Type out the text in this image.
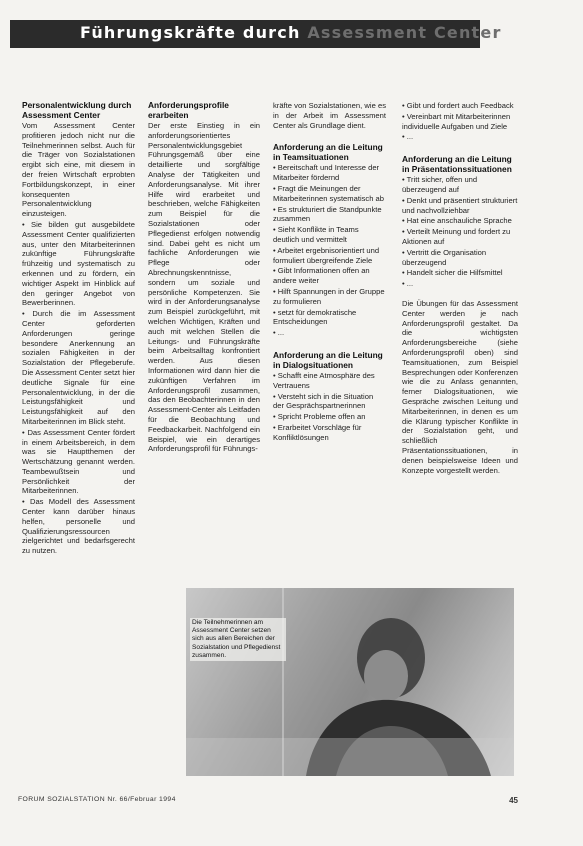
Führungskräfte durch Assessment Center

Personalentwicklung durch Assessment Center

Vom Assessment Center profitieren jedoch nicht nur die Teilnehmerinnen selbst. Auch für die Träger von Sozialstationen ergibt sich eine, mit diesem in der freien Wirtschaft erprobten Fortbildungskonzept, in einer konsequenten Personalentwicklung einzusteigen.

• Sie bilden gut ausgebildete Assessment Center qualifizierten aus, unter den Mitarbeiterinnen zukünftige Führungskräfte frühzeitig und systematisch zu erkennen und zu fördern, ein wichtiger Aspekt im Hinblick auf den geringer Angebot von Bewerberinnen.

• Durch die im Assessment Center geforderten Anforderungen geringe besondere Anerkennung an sozialen Fähigkeiten in der Sozialstation der Pflegeberufe. Die Assessment Center setzt hier deutliche Signale für eine Personalentwicklung, in der die Leistungsfähigkeit und Leistungsfähigkeit auf den Mitarbeiterinnen im Blick steht.

• Das Assessment Center fördert in einem Arbeitsbereich, in dem was sie Hauptthemen der Wertschätzung genannt werden. Teambewußtsein und Persönlichkeit der Mitarbeiterinnen.

• Das Modell des Assessment Center kann darüber hinaus helfen, personelle und Qualifizierungsressourcen zielgerichtet und bedarfsgerecht zu nutzen.

Anforderungsprofile erarbeiten

Der erste Einstieg in ein anforderungsorientiertes Personalentwicklungsgebiet Führungsgemäß über eine detaillierte und sorgfältige Analyse der Tätigkeiten und Anforderungsanalyse. Mit ihrer Hilfe wird erarbeitet und beschrieben, welche Fähigkeiten zum Beispiel für die Sozialstationen oder Pflegedienst erfolgen notwendig sind. Dabei geht es nicht um fachliche Anforderungen wie Pflege oder Abrechnungskenntnisse, sondern um soziale und persönliche Kompetenzen. Sie wird in der Anforderungsanalyse zum Beispiel zurückgeführt, mit welchen Wichtigen, Kräften und auch mit welchen Stellen die Leitungs- und Führungskräfte beim Arbeitsalltag konfrontiert werden. Aus diesen Informationen wird dann hier die zukünftigen Verfahren im Anforderungsprofil zusammen, das den Beobachterinnen in den Assessment-Center als Leitfaden für die Beobachtung und Feedbackarbeit. Nachfolgend ein Beispiel, wie ein derartiges Anforderungsprofil für Führungs-

kräfte von Sozialstationen, wie es in der Arbeit im Assessment Center als Grundlage dient.

Anforderung an die Leitung in Teamsituationen

• Bereitschaft und Interesse der Mitarbeiter fördernd

• Fragt die Meinungen der Mitarbeiterinnen systematisch ab

• Es strukturiert die Standpunkte zusammen

• Sieht Konflikte in Teams deutlich und vermittelt

• Arbeitet ergebnisorientiert und formuliert übergreifende Ziele

• Gibt Informationen offen an andere weiter

• Hilft Spannungen in der Gruppe zu formulieren

• setzt für demokratische Entscheidungen

• ...

Anforderung an die Leitung in Dialogsituationen

• Schafft eine Atmosphäre des Vertrauens

• Versteht sich in die Situation der Gesprächspartnerinnen

• Spricht Probleme offen an

• Erarbeitet Vorschläge für Konfliktlösungen

• Gibt und fordert auch Feedback

• Vereinbart mit Mitarbeiterinnen individuelle Aufgaben und Ziele

• ...

Anforderung an die Leitung in Präsentationssituationen

• Tritt sicher, offen und überzeugend auf

• Denkt und präsentiert strukturiert und nachvollziehbar

• Hat eine anschauliche Sprache

• Verteilt Meinung und fordert zu Aktionen auf

• Vertritt die Organisation überzeugend

• Handelt sicher die Hilfsmittel

• ...

Die Übungen für das Assessment Center werden je nach Anforderungsprofil gestaltet. Da die wichtigsten Anforderungsbereiche (siehe Anforderungsprofil oben) sind Teamsituationen, zum Beispiel Besprechungen oder Konferenzen wie die zu Anlass genannten, ferner Dialogsituationen, wie Gespräche zwischen Leitung und Mitarbeiterinnen, in denen es um die Klärung typischer Konflikte in der Sozialstation geht, und schließlich Präsentationssituationen, in denen beispielsweise Ideen und Konzepte vorgestellt werden.

Die Teilnehmerinnen am Assessment Center setzen sich aus allen Bereichen der Sozialstation und Pflegedienst zusammen.
FORUM SOZIALSTATION Nr. 66/Februar 1994	45
